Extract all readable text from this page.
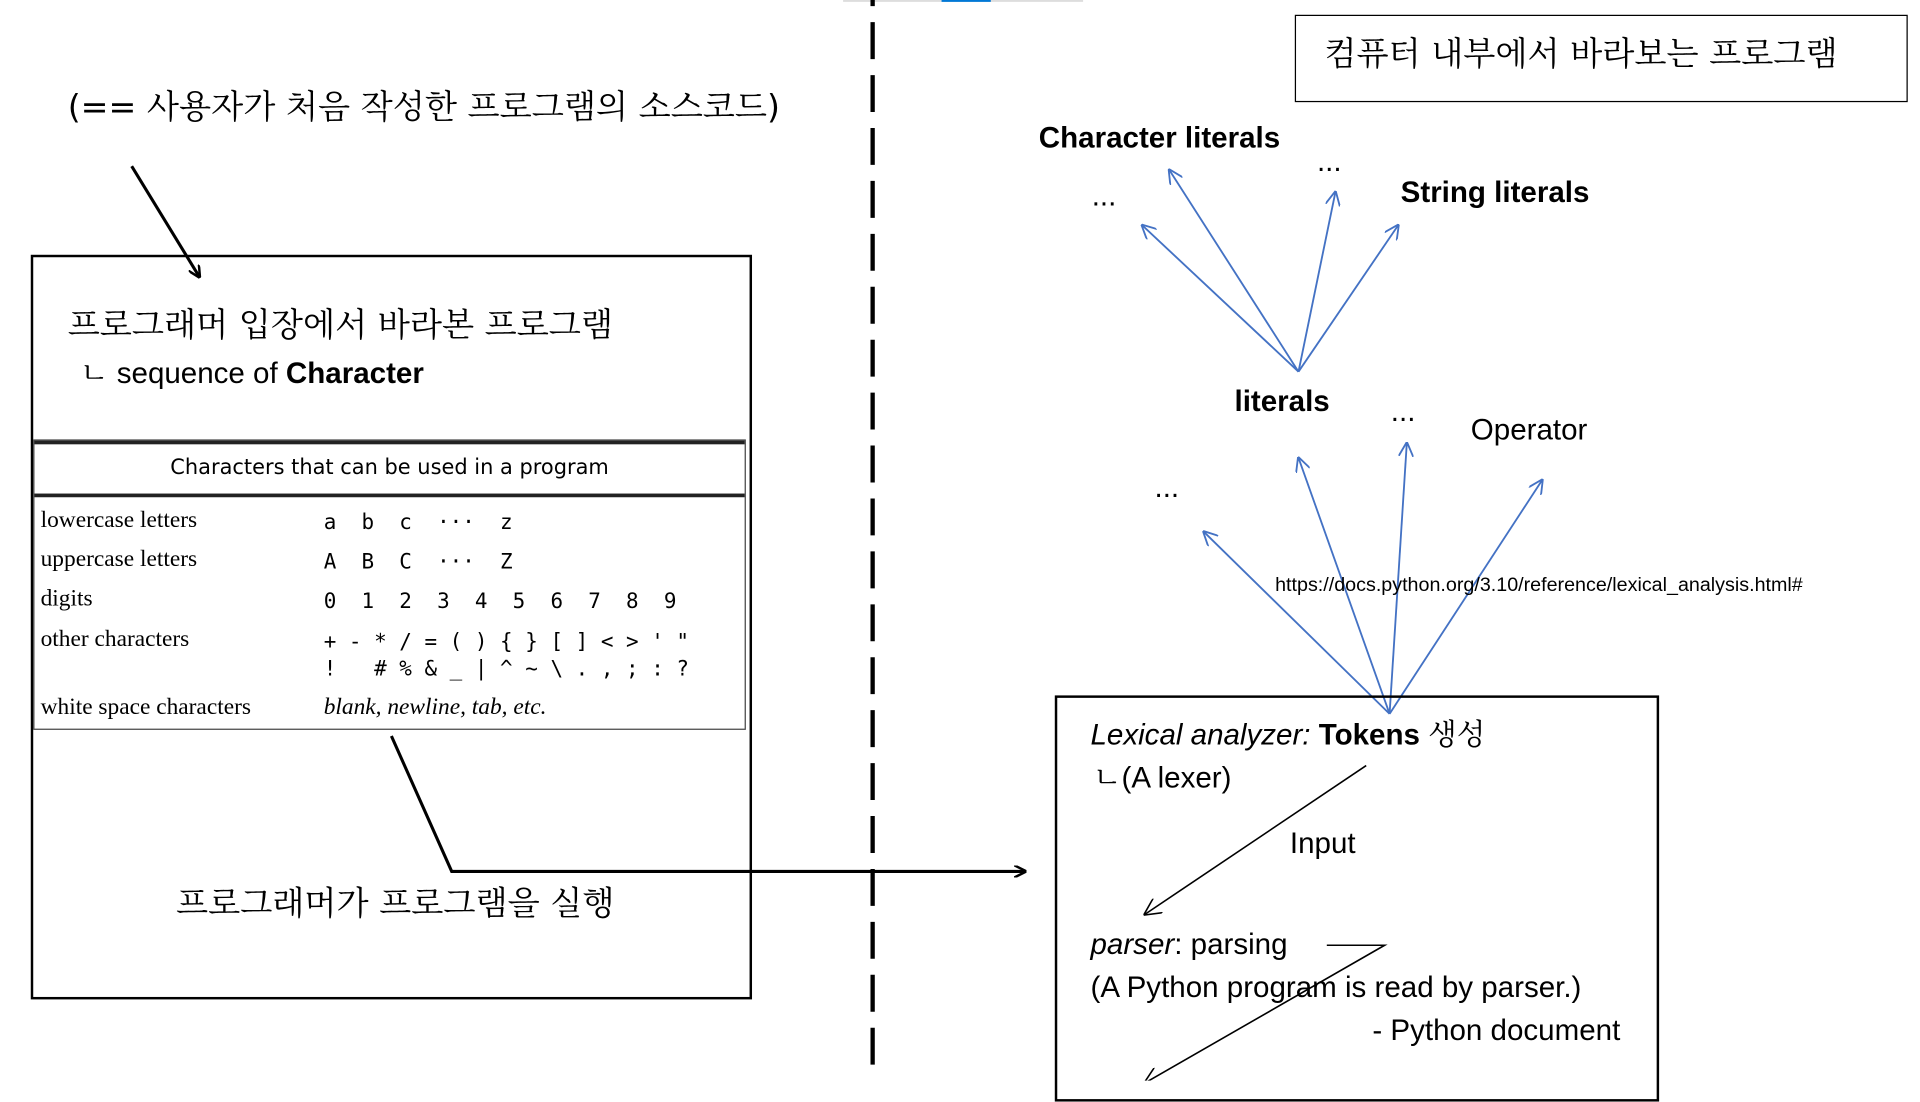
컴퓨터 내부에서 바라보는 프로그램
(== 사용자가 처음 작성한 프로그램의 소스코드)
프로그래머 입장에서 바라본 프로그램
ㄴ sequence of Character
Characters that can be used in a program
lowercase letters	a  b  c  ···  z
uppercase letters	A  B  C  ···  Z
digits	0  1  2  3  4  5  6  7  8  9
other characters	+ - * / = ( ) { } [ ] < > ' "
!   # % & _ | ^ ~ \ . , ; : ?
white space characters	blank, newline, tab, etc.
프로그래머가 프로그램을 실행
Character literals
...
...
String literals
literals	...
Operator
...
https://docs.python.org/3.10/reference/lexical_analysis.html#
Lexical analyzer: Tokens 생성
ㄴ(A lexer)
Input
parser: parsing
(A Python program is read by parser.)
- Python document
